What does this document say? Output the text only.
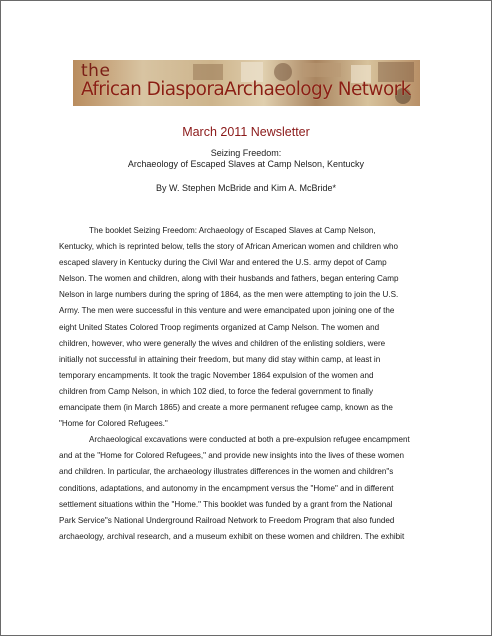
the
African DiasporaArchaeology Network
March 2011 Newsletter
Seizing Freedom:
Archaeology of Escaped Slaves at Camp Nelson, Kentucky
By W. Stephen McBride and Kim A. McBride*
The booklet Seizing Freedom: Archaeology of Escaped Slaves at Camp Nelson,
Kentucky, which is reprinted below, tells the story of African American women and children who
escaped slavery in Kentucky during the Civil War and entered the U.S. army depot of Camp
Nelson. The women and children, along with their husbands and fathers, began entering Camp
Nelson in large numbers during the spring of 1864, as the men were attempting to join the U.S.
Army. The men were successful in this venture and were emancipated upon joining one of the
eight United States Colored Troop regiments organized at Camp Nelson. The women and
children, however, who were generally the wives and children of the enlisting soldiers, were
initially not successful in attaining their freedom, but many did stay within camp, at least in
temporary encampments. It took the tragic November 1864 expulsion of the women and
children from Camp Nelson, in which 102 died, to force the federal government to finally
emancipate them (in March 1865) and create a more permanent refugee camp, known as the
"Home for Colored Refugees."
Archaeological excavations were conducted at both a pre-expulsion refugee encampment
and at the "Home for Colored Refugees," and provide new insights into the lives of these women
and children. In particular, the archaeology illustrates differences in the women and children"s
conditions, adaptations, and autonomy in the encampment versus the "Home" and in different
settlement situations within the "Home." This booklet was funded by a grant from the National
Park Service"s National Underground Railroad Network to Freedom Program that also funded
archaeology, archival research, and a museum exhibit on these women and children. The exhibit
